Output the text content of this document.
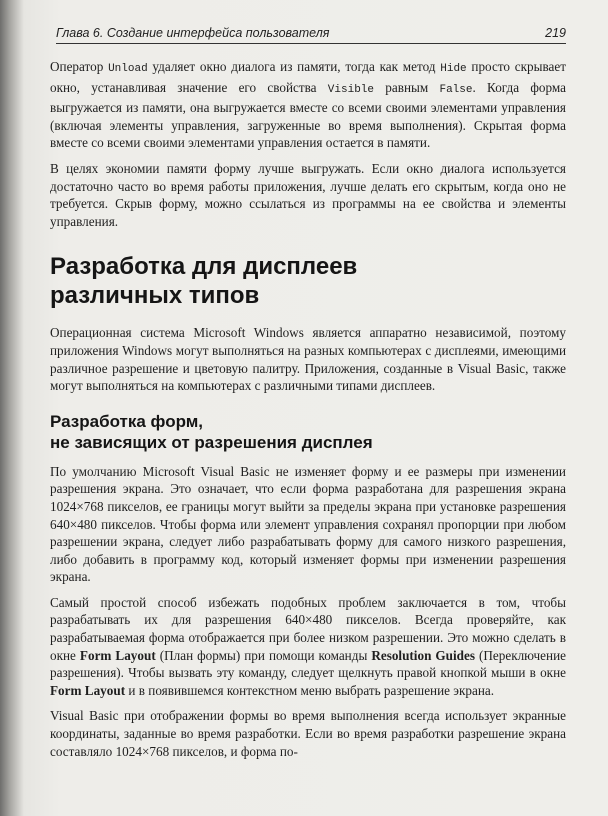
Глава 6. Создание интерфейса пользователя	219

Оператор Unload удаляет окно диалога из памяти, тогда как метод Hide просто скрывает окно, устанавливая значение его свойства Visible равным False. Когда форма выгружается из памяти, она выгружается вместе со всеми своими элементами управления (включая элементы управления, загруженные во время выполнения). Скрытая форма вместе со всеми своими элементами управления остается в памяти.

В целях экономии памяти форму лучше выгружать. Если окно диалога используется достаточно часто во время работы приложения, лучше делать его скрытым, когда оно не требуется. Скрыв форму, можно ссылаться из программы на ее свойства и элементы управления.

Разработка для дисплеев
различных типов

Операционная система Microsoft Windows является аппаратно независимой, поэтому приложения Windows могут выполняться на разных компьютерах с дисплеями, имеющими различное разрешение и цветовую палитру. Приложения, созданные в Visual Basic, также могут выполняться на компьютерах с различными типами дисплеев.

Разработка форм,
не зависящих от разрешения дисплея

По умолчанию Microsoft Visual Basic не изменяет форму и ее размеры при изменении разрешения экрана. Это означает, что если форма разработана для разрешения экрана 1024×768 пикселов, ее границы могут выйти за пределы экрана при установке разрешения 640×480 пикселов. Чтобы форма или элемент управления сохранял пропорции при любом разрешении экрана, следует либо разрабатывать форму для самого низкого разрешения, либо добавить в программу код, который изменяет формы при изменении разрешения экрана.

Самый простой способ избежать подобных проблем заключается в том, чтобы разрабатывать их для разрешения 640×480 пикселов. Всегда проверяйте, как разрабатываемая форма отображается при более низком разрешении. Это можно сделать в окне Form Layout (План формы) при помощи команды Resolution Guides (Переключение разрешения). Чтобы вызвать эту команду, следует щелкнуть правой кнопкой мыши в окне Form Layout и в появившемся контекстном меню выбрать разрешение экрана.

Visual Basic при отображении формы во время выполнения всегда использует экранные координаты, заданные во время разработки. Если во время разработки разрешение экрана составляло 1024×768 пикселов, и форма по-
